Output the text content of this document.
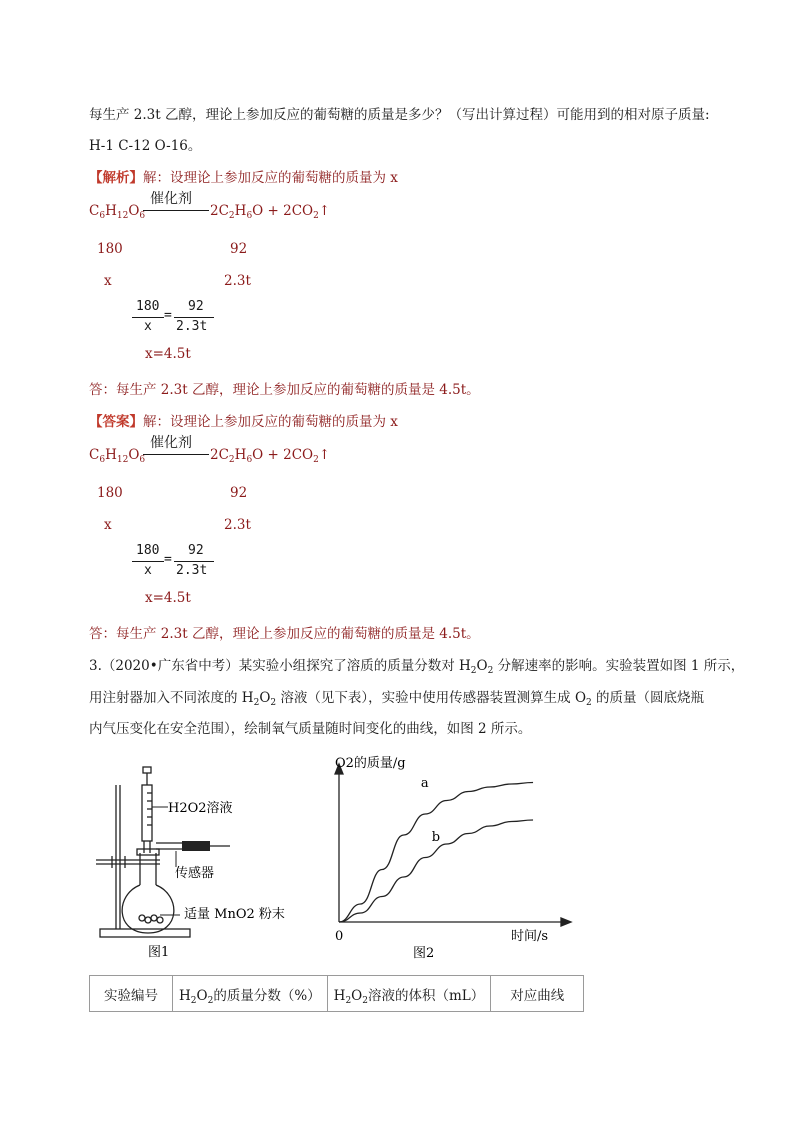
每生产 2.3t 乙醇，理论上参加反应的葡萄糖的质量是多少？（写出计算过程）可能用到的相对原子质量:
H-1 C-12 O-16。
【解析】解：设理论上参加反应的葡萄糖的质量为 x
$C_6H_{12}O_6$
催化剂
$2C_2H_6O$ + $2CO_2↑$
180	92
x	2.3t
180
x
=
92
2.3t
x=4.5t
答：每生产 2.3t 乙醇，理论上参加反应的葡萄糖的质量是 4.5t。
【答案】解：设理论上参加反应的葡萄糖的质量为 x
$C_6H_{12}O_6$
催化剂
$2C_2H_6O$ + $2CO_2↑$
180	92
x	2.3t
180
x
=
92
2.3t
x=4.5t
答：每生产 2.3t 乙醇，理论上参加反应的葡萄糖的质量是 4.5t。
3.（2020•广东省中考）某实验小组探究了溶质的质量分数对 $H_2O_2$ 分解速率的影响。实验装置如图 1 所示，
用注射器加入不同浓度的 $H_2O_2$ 溶液（见下表），实验中使用传感器装置测算生成 $O_2$ 的质量（圆底烧瓶
内气压变化在安全范围），绘制氧气质量随时间变化的曲线，如图 2 所示。
H2O2溶液
传感器
适量 MnO2 粉末
图1
O2的质量/g
0	时间/s
图2
a
b
实验编号	$H_2O_2$的质量分数（%）	$H_2O_2$溶液的体积（mL）	对应曲线
